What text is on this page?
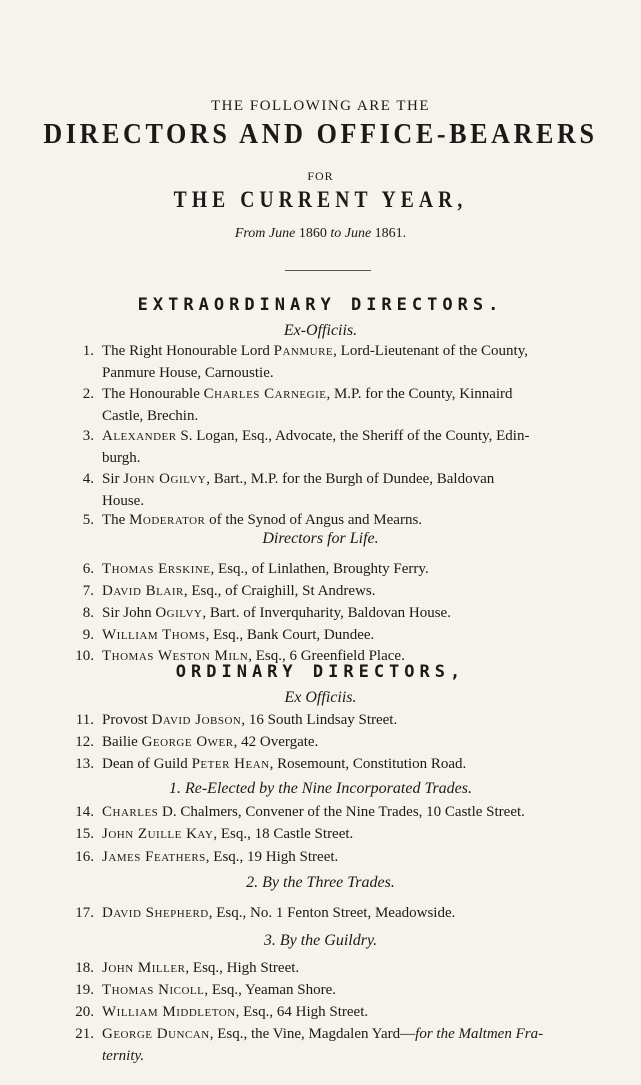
THE FOLLOWING ARE THE
DIRECTORS AND OFFICE-BEARERS
FOR
THE CURRENT YEAR,
From June 1860 to June 1861.
EXTRAORDINARY DIRECTORS.
Ex-Officiis.
1. The Right Honourable Lord Panmure, Lord-Lieutenant of the County,
Panmure House, Carnoustie.
2. The Honourable Charles Carnegie, M.P. for the County, Kinnaird
Castle, Brechin.
3. Alexander S. Logan, Esq., Advocate, the Sheriff of the County, Edin-
burgh.
4. Sir John Ogilvy, Bart., M.P. for the Burgh of Dundee, Baldovan
House.
5. The Moderator of the Synod of Angus and Mearns.
6. Thomas Erskine, Esq., of Linlathen, Broughty Ferry.
7. David Blair, Esq., of Craighill, St Andrews.
8. Sir John Ogilvy, Bart. of Inverquharity, Baldovan House.
9. William Thoms, Esq., Bank Court, Dundee.
10. Thomas Weston Miln, Esq., 6 Greenfield Place.
11. Provost David Jobson, 16 South Lindsay Street.
12. Bailie George Ower, 42 Overgate.
13. Dean of Guild Peter Hean, Rosemount, Constitution Road.
14. Charles D. Chalmers, Convener of the Nine Trades, 10 Castle Street.
15. John Zuille Kay, Esq., 18 Castle Street.
16. James Feathers, Esq., 19 High Street.
17. David Shepherd, Esq., No. 1 Fenton Street, Meadowside.
18. John Miller, Esq., High Street.
19. Thomas Nicoll, Esq., Yeaman Shore.
20. William Middleton, Esq., 64 High Street.
21. George Duncan, Esq., the Vine, Magdalen Yard—for the Maltmen Fra-
ternity.
Directors for Life.
ORDINARY DIRECTORS,
Ex Officiis.
1. Re-Elected by the Nine Incorporated Trades.
2. By the Three Trades.
3. By the Guildry.
